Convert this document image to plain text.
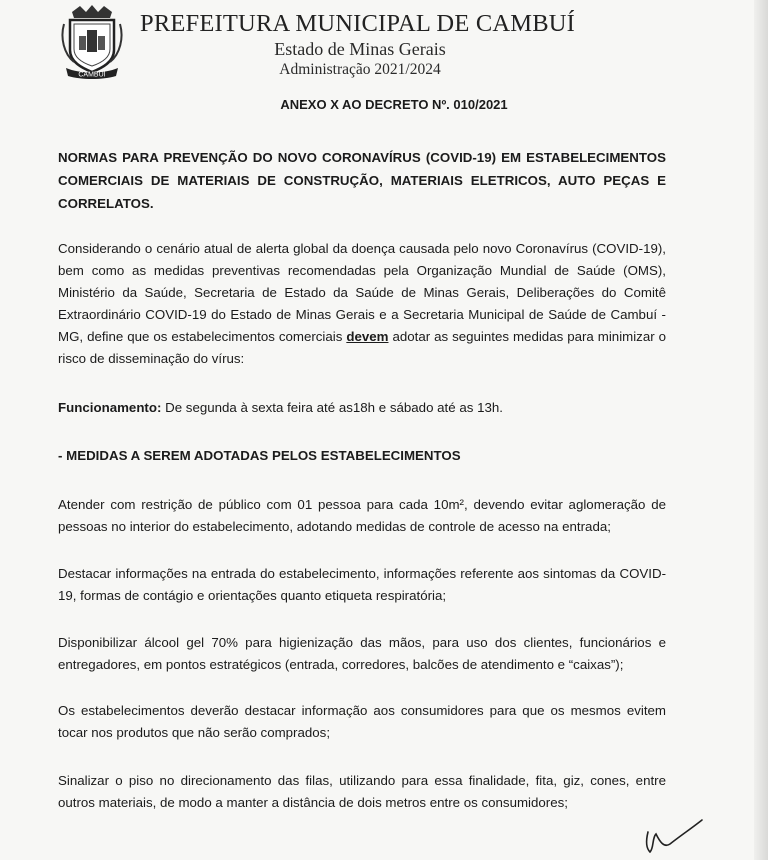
CAMBUÍ
PREFEITURA MUNICIPAL DE CAMBUÍ
Estado de Minas Gerais
Administração 2021/2024
ANEXO X AO DECRETO Nº. 010/2021
NORMAS PARA PREVENÇÃO DO NOVO CORONAVÍRUS (COVID-19) EM ESTABELECIMENTOS COMERCIAIS DE MATERIAIS DE CONSTRUÇÃO, MATERIAIS ELETRICOS, AUTO PEÇAS E CORRELATOS.
Considerando o cenário atual de alerta global da doença causada pelo novo Coronavírus (COVID-19), bem como as medidas preventivas recomendadas pela Organização Mundial de Saúde (OMS), Ministério da Saúde, Secretaria de Estado da Saúde de Minas Gerais, Deliberações do Comitê Extraordinário COVID-19 do Estado de Minas Gerais e a Secretaria Municipal de Saúde de Cambuí - MG, define que os estabelecimentos comerciais devem adotar as seguintes medidas para minimizar o risco de disseminação do vírus:
Funcionamento: De segunda à sexta feira até as18h e sábado até as 13h.
- MEDIDAS A SEREM ADOTADAS PELOS ESTABELECIMENTOS
Atender com restrição de público com 01 pessoa para cada 10m², devendo evitar aglomeração de pessoas no interior do estabelecimento, adotando medidas de controle de acesso na entrada;
Destacar informações na entrada do estabelecimento, informações referente aos sintomas da COVID-19, formas de contágio e orientações quanto etiqueta respiratória;
Disponibilizar álcool gel 70% para higienização das mãos, para uso dos clientes, funcionários e entregadores, em pontos estratégicos (entrada, corredores, balcões de atendimento e “caixas”);
Os estabelecimentos deverão destacar informação aos consumidores para que os mesmos evitem tocar nos produtos que não serão comprados;
Sinalizar o piso no direcionamento das filas, utilizando para essa finalidade, fita, giz, cones, entre outros materiais, de modo a manter a distância de dois metros entre os consumidores;
